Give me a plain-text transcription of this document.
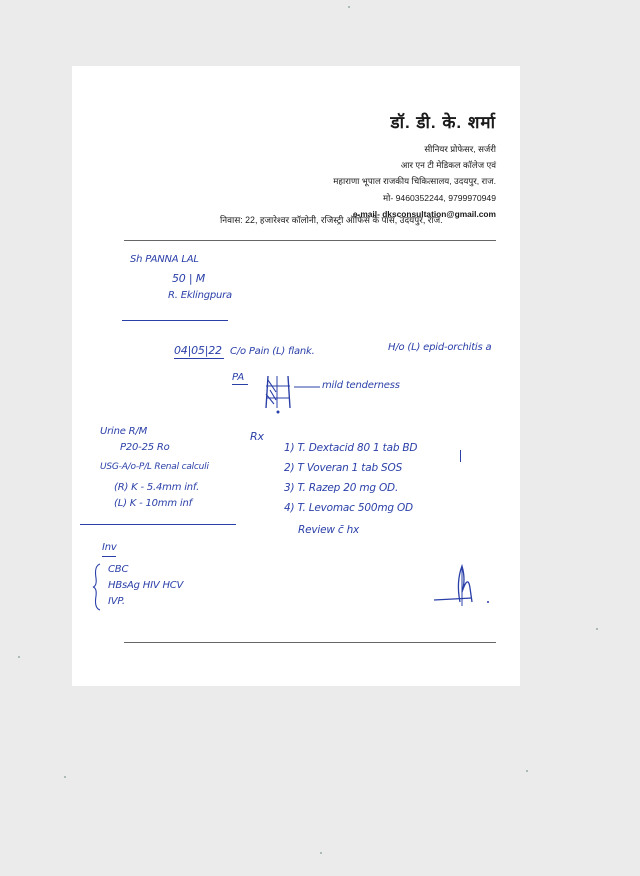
डॉ. डी. के. शर्मा
सीनियर प्रोफेसर, सर्जरी
आर एन टी मेडिकल कॉलेज एवं
महाराणा भूपाल राजकीय चिकित्सालय, उदयपुर, राज.
मो- 9460352244, 9799970949
e-mail- dksconsultation@gmail.com
निवास: 22, हजारेश्वर कॉलोनी, रजिस्ट्री ऑफिस के पास, उदयपुर, राज.
Sh PANNA LAL
50 | M
R. Eklingpura
04|05|22 C/o Pain (L) flank.	H/o (L) epid-orchitis a
PA
mild tenderness
Urine R/M
P20-25 Ro
USG-A/o-P/L Renal calculi
(R) K - 5.4mm inf.
(L) K - 10mm inf
Rx
1) T. Dextacid 80 1 tab BD
2) T Voveran 1 tab SOS
3) T. Razep 20 mg OD.
4) T. Levomac 500mg OD
Review c̄ hx
Inv
CBC
HBsAg HIV HCV
IVP.
